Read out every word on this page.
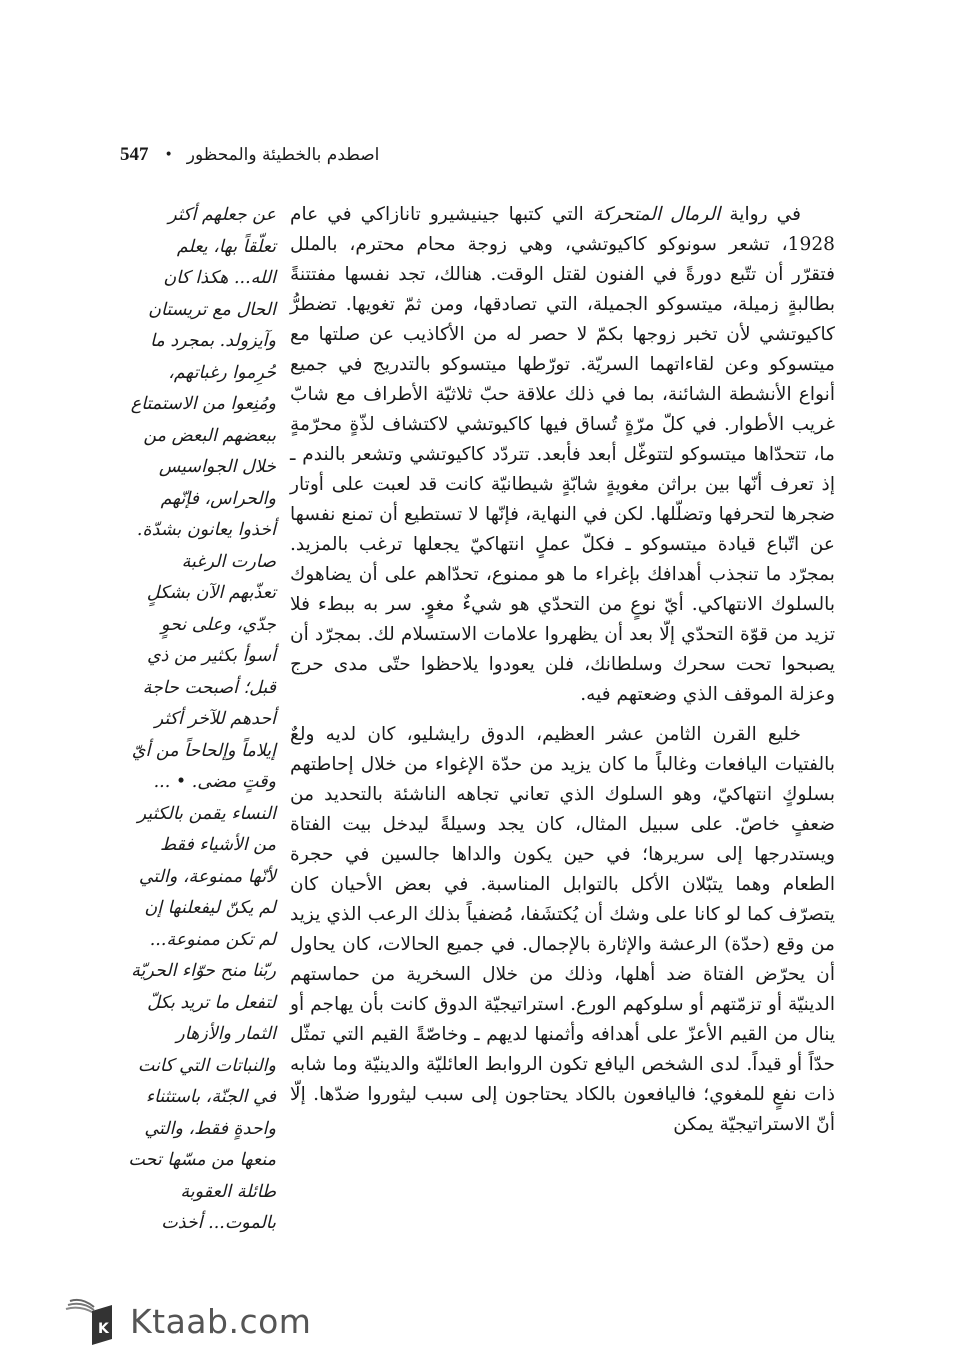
547 • اصطدم بالخطيئة والمحظور

في رواية الرمال المتحركة التي كتبها جينيشيرو تانازاكي في عام 1928، تشعر سونوكو كاكيوتشي، وهي زوجة محام محترم، بالملل فتقرّر أن تتّبع دورةً في الفنون لقتل الوقت. هنالك، تجد نفسها مفتتنةً بطالبةٍ زميلة، ميتسوكو الجميلة، التي تصادقها، ومن ثمّ تغويها. تضطرُّ كاكيوتشي لأن تخبر زوجها بكمّ لا حصر له من الأكاذيب عن صلتها مع ميتسوكو وعن لقاءاتهما السريّة. تورّطها ميتسوكو بالتدريج في جميع أنواع الأنشطة الشائنة، بما في ذلك علاقة حبّ ثلاثيّة الأطراف مع شابّ غريب الأطوار. في كلّ مرّةٍ تُساق فيها كاكيوتشي لاكتشاف لذّةٍ محرّمةٍ ما، تتحدّاها ميتسوكو لتتوغّل أبعد فأبعد. تتردّد كاكيوتشي وتشعر بالندم ـ إذ تعرف أنّها بين براثن مغويةٍ شابّةٍ شيطانيّة كانت قد لعبت على أوتار ضجرها لتحرفها وتضلّلها. لكن في النهاية، فإنّها لا تستطيع أن تمنع نفسها عن اتّباع قيادة ميتسوكو ـ فكلّ عملٍ انتهاكيّ يجعلها ترغب بالمزيد. بمجرّد ما تنجذب أهدافك بإغراء ما هو ممنوع، تحدّاهم على أن يضاهوك بالسلوك الانتهاكي. أيّ نوعٍ من التحدّي هو شيءٌ مغوٍ. سر به ببطء فلا تزيد من قوّة التحدّي إلّا بعد أن يظهروا علامات الاستسلام لك. بمجرّد أن يصبحوا تحت سحرك وسلطانك، فلن يعودوا يلاحظوا حتّى مدى حرج وعزلة الموقف الذي وضعتهم فيه.

خليع القرن الثامن عشر العظيم، الدوق رايشليو، كان لديه ولعٌ بالفتيات اليافعات وغالباً ما كان يزيد من حدّة الإغواء من خلال إحاطتهم بسلوكٍ انتهاكيّ، وهو السلوك الذي تعاني تجاهه الناشئة بالتحديد من ضعفٍ خاصّ. على سبيل المثال، كان يجد وسيلةً ليدخل بيت الفتاة ويستدرجها إلى سريرها؛ في حين يكون والداها جالسين في حجرة الطعام وهما يتبّلان الأكل بالتوابل المناسبة. في بعض الأحيان كان يتصرّف كما لو كانا على وشك أن يُكتشَفا، مُضفياً بذلك الرعب الذي يزيد من وقع (حدّة) الرعشة والإثارة بالإجمال. في جميع الحالات، كان يحاول أن يحرّض الفتاة ضد أهلها، وذلك من خلال السخرية من حماستهم الدينيّة أو تزمّتهم أو سلوكهم الورع. استراتيجيّة الدوق كانت بأن يهاجم أو ينال من القيم الأعزّ على أهدافه وأثمنها لديهم ـ وخاصّةً القيم التي تمثّل حدّاً أو قيداً. لدى الشخص اليافع تكون الروابط العائليّة والدينيّة وما شابه ذات نفعٍ للمغوي؛ فاليافعون بالكاد يحتاجون إلى سبب ليثوروا ضدّها. إلّا أنّ الاستراتيجيّة يمكن

عن جعلهم أكثر
تعلّقاً بها، يعلم
الله... هكذا كان
الحال مع تريستان
وآيزولد. بمجرد ما
حُرِموا رغباتهم،
ومُنِعوا من الاستمتاع
ببعضهم البعض من
خلال الجواسيس
والحراس، فإنّهم
أخذوا يعانون بشدّة.
صارت الرغبة
تعذّبهم الآن بشكلٍ
جدّي، وعلى نحوٍ
أسوأ بكثير من ذي
قبل؛ أصبحت حاجة
أحدهم للآخر أكثر
إيلاماً وإلحاحاً من أيّ
وقتٍ مضى. • ...
النساء يقمن بالكثير
من الأشياء فقط
لأنّها ممنوعة، والتي
لم يكنّ ليفعلنها إن
لم تكن ممنوعة...
ربّنا منح حوّاء الحريّة
لتفعل ما تريد بكلّ
الثمار والأزهار
والنباتات التي كانت
في الجنّة، باستثناء
واحدةٍ فقط، والتي
منعها من مسّها تحت
طائلة العقوبة
بالموت... أخذت
K Ktaab.com
